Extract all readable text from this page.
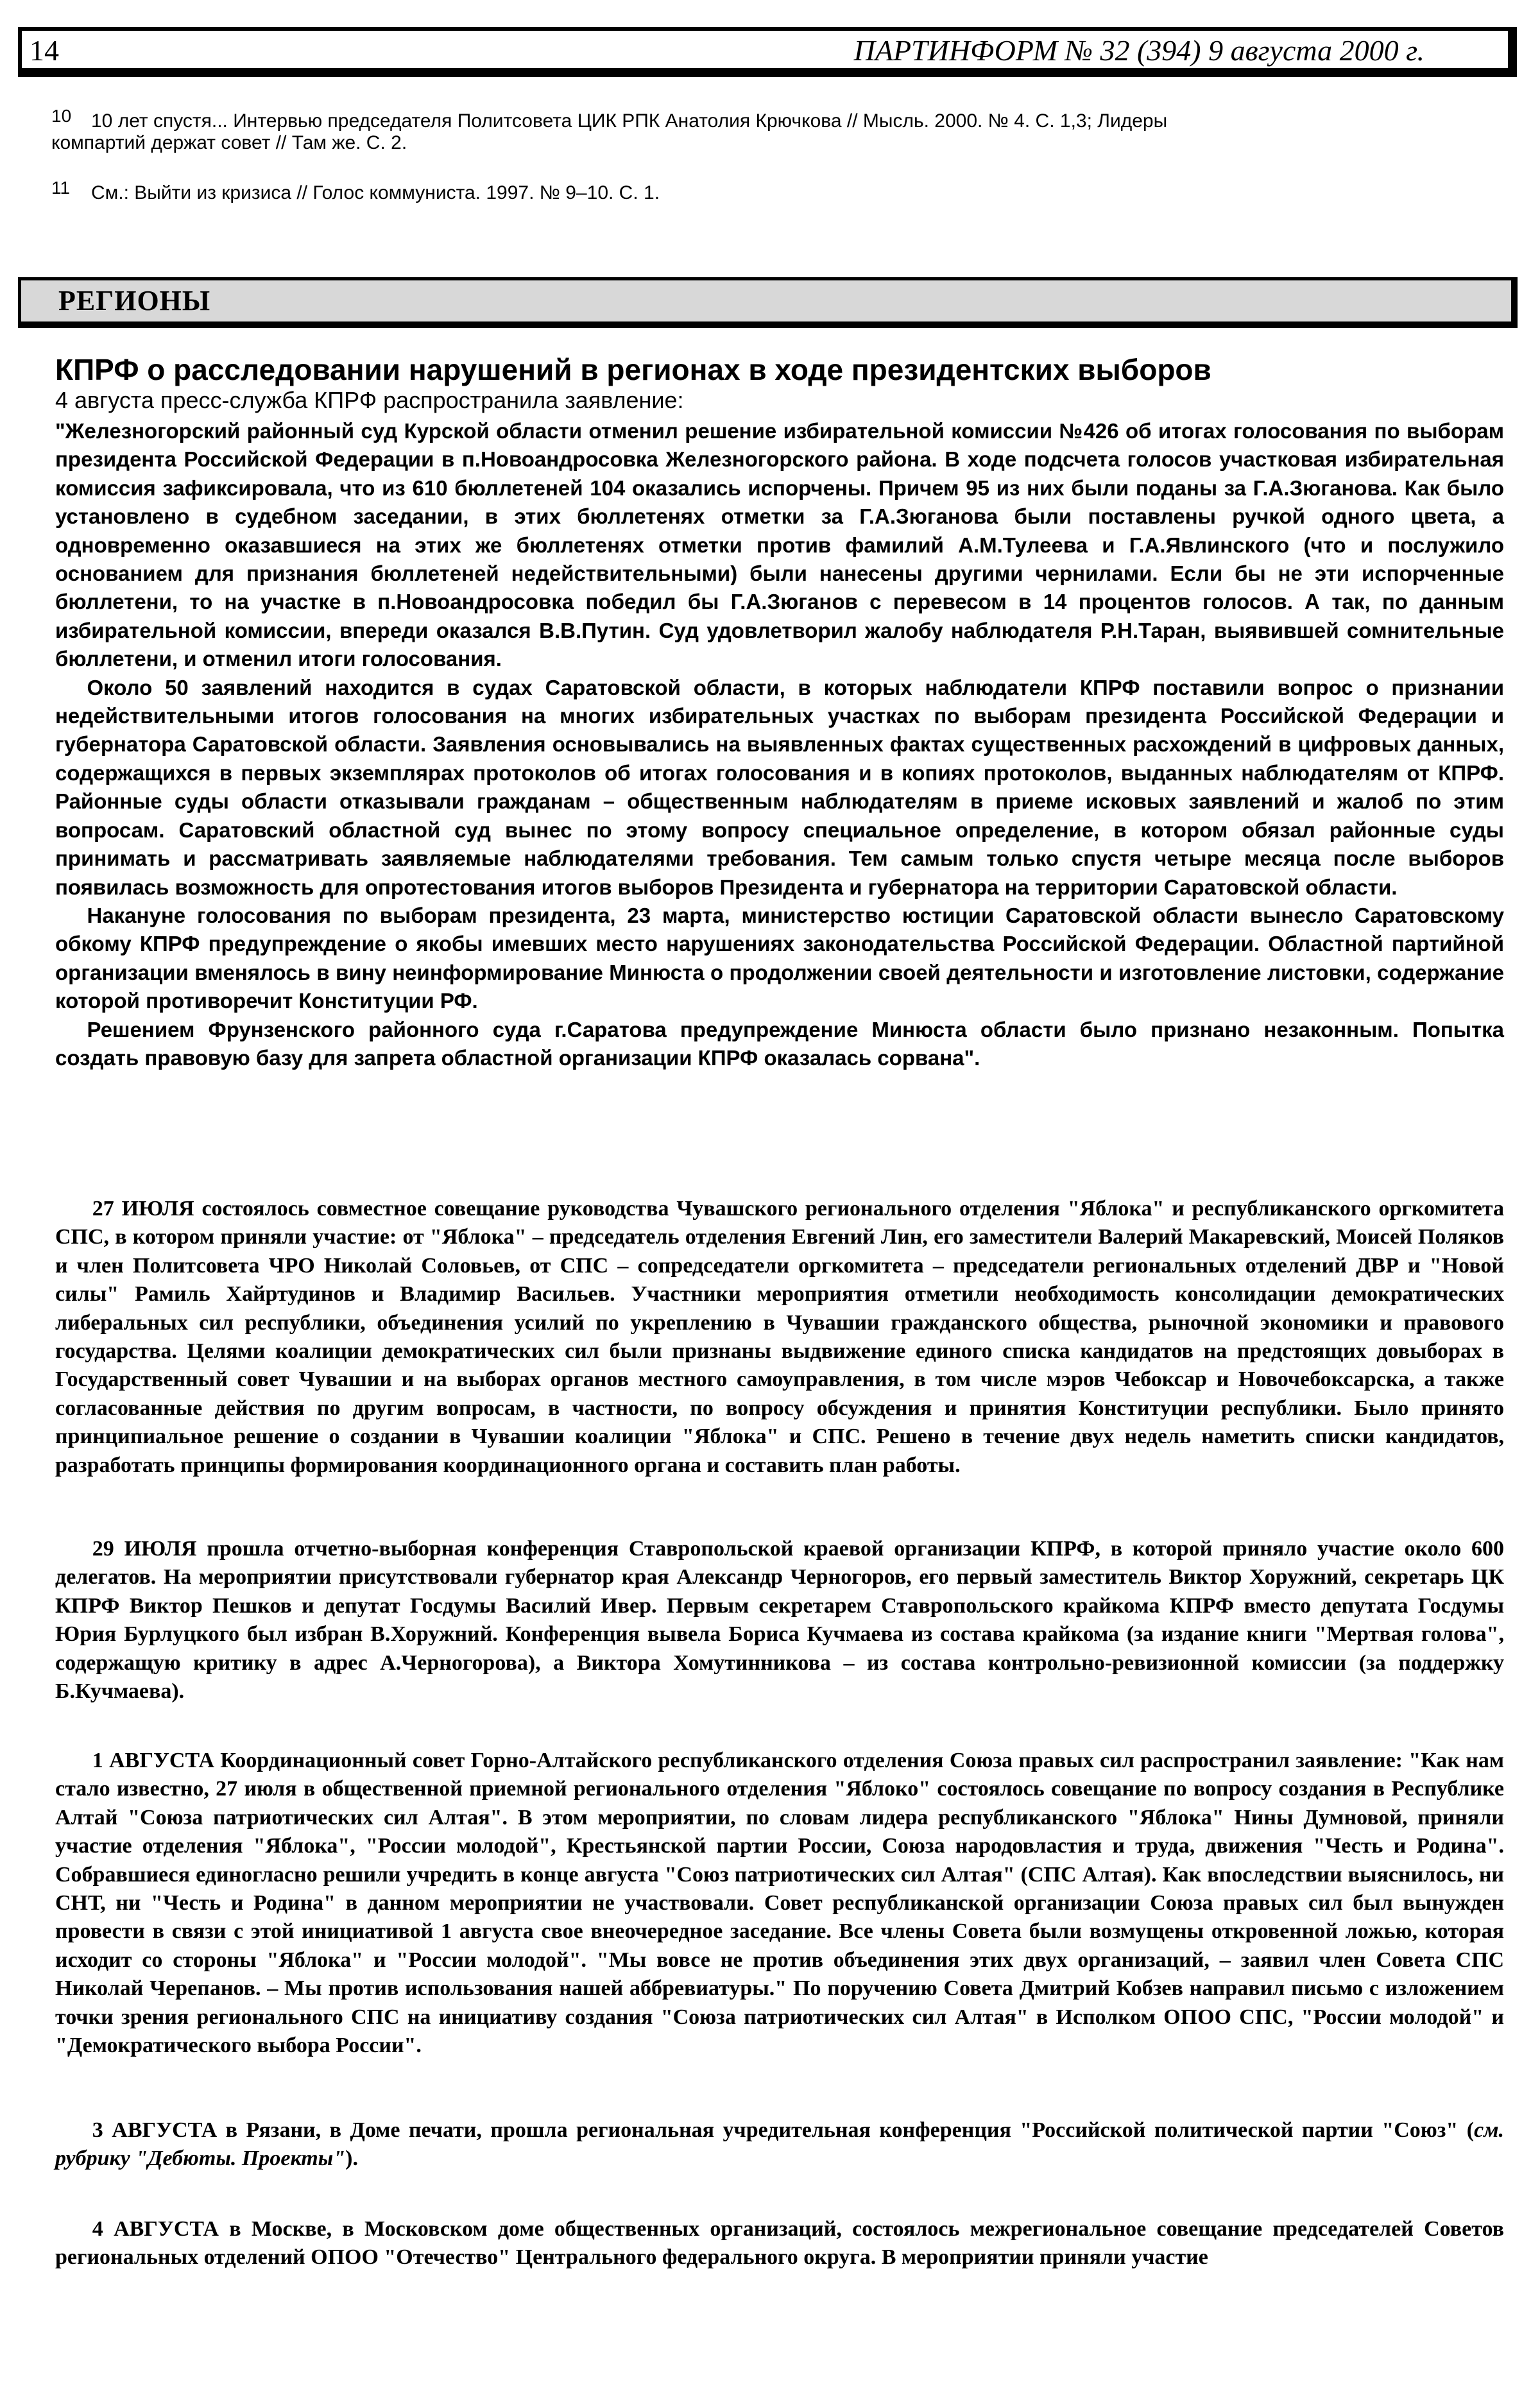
14	ПАРТИНФОРМ № 32 (394) 9 августа 2000 г.
10	10 лет спустя... Интервью председателя Политсовета ЦИК РПК Анатолия Крючкова // Мысль. 2000. № 4. С. 1,3; Лидеры
компартий держат совет // Там же. С. 2.
11	См.: Выйти из кризиса // Голос коммуниста. 1997. № 9–10. С. 1.
РЕГИОНЫ
КПРФ о расследовании нарушений в регионах в ходе президентских выборов
4 августа пресс-служба КПРФ распространила заявление:

"Железногорский районный суд Курской области отменил решение избирательной комиссии №426 об итогах голосования по выборам президента Российской Федерации в п.Новоандросовка Железногорского района. В ходе подсчета голосов участковая избирательная комиссия зафиксировала, что из 610 бюллетеней 104 оказались испорчены. Причем 95 из них были поданы за Г.А.Зюганова. Как было установлено в судебном заседании, в этих бюллетенях отметки за Г.А.Зюганова были поставлены ручкой одного цвета, а одновременно оказавшиеся на этих же бюллетенях отметки против фамилий А.М.Тулеева и Г.А.Явлинского (что и послужило основанием для признания бюллетеней недействительными) были нанесены другими чернилами. Если бы не эти испорченные бюллетени, то на участке в п.Новоандросовка победил бы Г.А.Зюганов с перевесом в 14 процентов голосов. А так, по данным избирательной комиссии, впереди оказался В.В.Путин. Суд удовлетворил жалобу наблюдателя Р.Н.Таран, выявившей сомнительные бюллетени, и отменил итоги голосования.

Около 50 заявлений находится в судах Саратовской области, в которых наблюдатели КПРФ поставили вопрос о признании недействительными итогов голосования на многих избирательных участках по выборам президента Российской Федерации и губернатора Саратовской области. Заявления основывались на выявленных фактах существенных расхождений в цифровых данных, содержащихся в первых экземплярах протоколов об итогах голосования и в копиях протоколов, выданных наблюдателям от КПРФ. Районные суды области отказывали гражданам – общественным наблюдателям в приеме исковых заявлений и жалоб по этим вопросам. Саратовский областной суд вынес по этому вопросу специальное определение, в котором обязал районные суды принимать и рассматривать заявляемые наблюдателями требования. Тем самым только спустя четыре месяца после выборов появилась возможность для опротестования итогов выборов Президента и губернатора на территории Саратовской области.

Накануне голосования по выборам президента, 23 марта, министерство юстиции Саратовской области вынесло Саратовскому обкому КПРФ предупреждение о якобы имевших место нарушениях законодательства Российской Федерации. Областной партийной организации вменялось в вину неинформирование Минюста о продолжении своей деятельности и изготовление листовки, содержание которой противоречит Конституции РФ.

Решением Фрунзенского районного суда г.Саратова предупреждение Минюста области было признано незаконным. Попытка создать правовую базу для запрета областной организации КПРФ оказалась сорвана".

27 ИЮЛЯ состоялось совместное совещание руководства Чувашского регионального отделения "Яблока" и республиканского оргкомитета СПС, в котором приняли участие: от "Яблока" – председатель отделения Евгений Лин, его заместители Валерий Макаревский, Моисей Поляков и член Политсовета ЧРО Николай Соловьев, от СПС – сопредседатели оргкомитета – председатели региональных отделений ДВР и "Новой силы" Рамиль Хайртудинов и Владимир Васильев. Участники мероприятия отметили необходимость консолидации демократических либеральных сил республики, объединения усилий по укреплению в Чувашии гражданского общества, рыночной экономики и правового государства. Целями коалиции демократических сил были признаны выдвижение единого списка кандидатов на предстоящих довыборах в Государственный совет Чувашии и на выборах органов местного самоуправления, в том числе мэров Чебоксар и Новочебоксарска, а также согласованные действия по другим вопросам, в частности, по вопросу обсуждения и принятия Конституции республики. Было принято принципиальное решение о создании в Чувашии коалиции "Яблока" и СПС. Решено в течение двух недель наметить списки кандидатов, разработать принципы формирования координационного органа и составить план работы.
29 ИЮЛЯ прошла отчетно-выборная конференция Ставропольской краевой организации КПРФ, в которой приняло участие около 600 делегатов. На мероприятии присутствовали губернатор края Александр Черногоров, его первый заместитель Виктор Хоружний, секретарь ЦК КПРФ Виктор Пешков и депутат Госдумы Василий Ивер. Первым секретарем Ставропольского крайкома КПРФ вместо депутата Госдумы Юрия Бурлуцкого был избран В.Хоружний. Конференция вывела Бориса Кучмаева из состава крайкома (за издание книги "Мертвая голова", содержащую критику в адрес А.Черногорова), а Виктора Хомутинникова – из состава контрольно-ревизионной комиссии (за поддержку Б.Кучмаева).
1 АВГУСТА Координационный совет Горно-Алтайского республиканского отделения Союза правых сил распространил заявление: "Как нам стало известно, 27 июля в общественной приемной регионального отделения "Яблоко" состоялось совещание по вопросу создания в Республике Алтай "Союза патриотических сил Алтая". В этом мероприятии, по словам лидера республиканского "Яблока" Нины Думновой, приняли участие отделения "Яблока", "России молодой", Крестьянской партии России, Союза народовластия и труда, движения "Честь и Родина". Собравшиеся единогласно решили учредить в конце августа "Союз патриотических сил Алтая" (СПС Алтая). Как впоследствии выяснилось, ни СНТ, ни "Честь и Родина" в данном мероприятии не участвовали. Совет республиканской организации Союза правых сил был вынужден провести в связи с этой инициативой 1 августа свое внеочередное заседание. Все члены Совета были возмущены откровенной ложью, которая исходит со стороны "Яблока" и "России молодой". "Мы вовсе не против объединения этих двух организаций, – заявил член Совета СПС Николай Черепанов. – Мы против использования нашей аббревиатуры." По поручению Совета Дмитрий Кобзев направил письмо с изложением точки зрения регионального СПС на инициативу создания "Союза патриотических сил Алтая" в Исполком ОПОО СПС, "России молодой" и "Демократического выбора России".
3 АВГУСТА в Рязани, в Доме печати, прошла региональная учредительная конференция "Российской политической партии "Союз" (см. рубрику "Дебюты. Проекты").
4 АВГУСТА в Москве, в Московском доме общественных организаций, состоялось межрегиональное совещание председателей Советов региональных отделений ОПОО "Отечество" Центрального федерального округа. В мероприятии приняли участие
